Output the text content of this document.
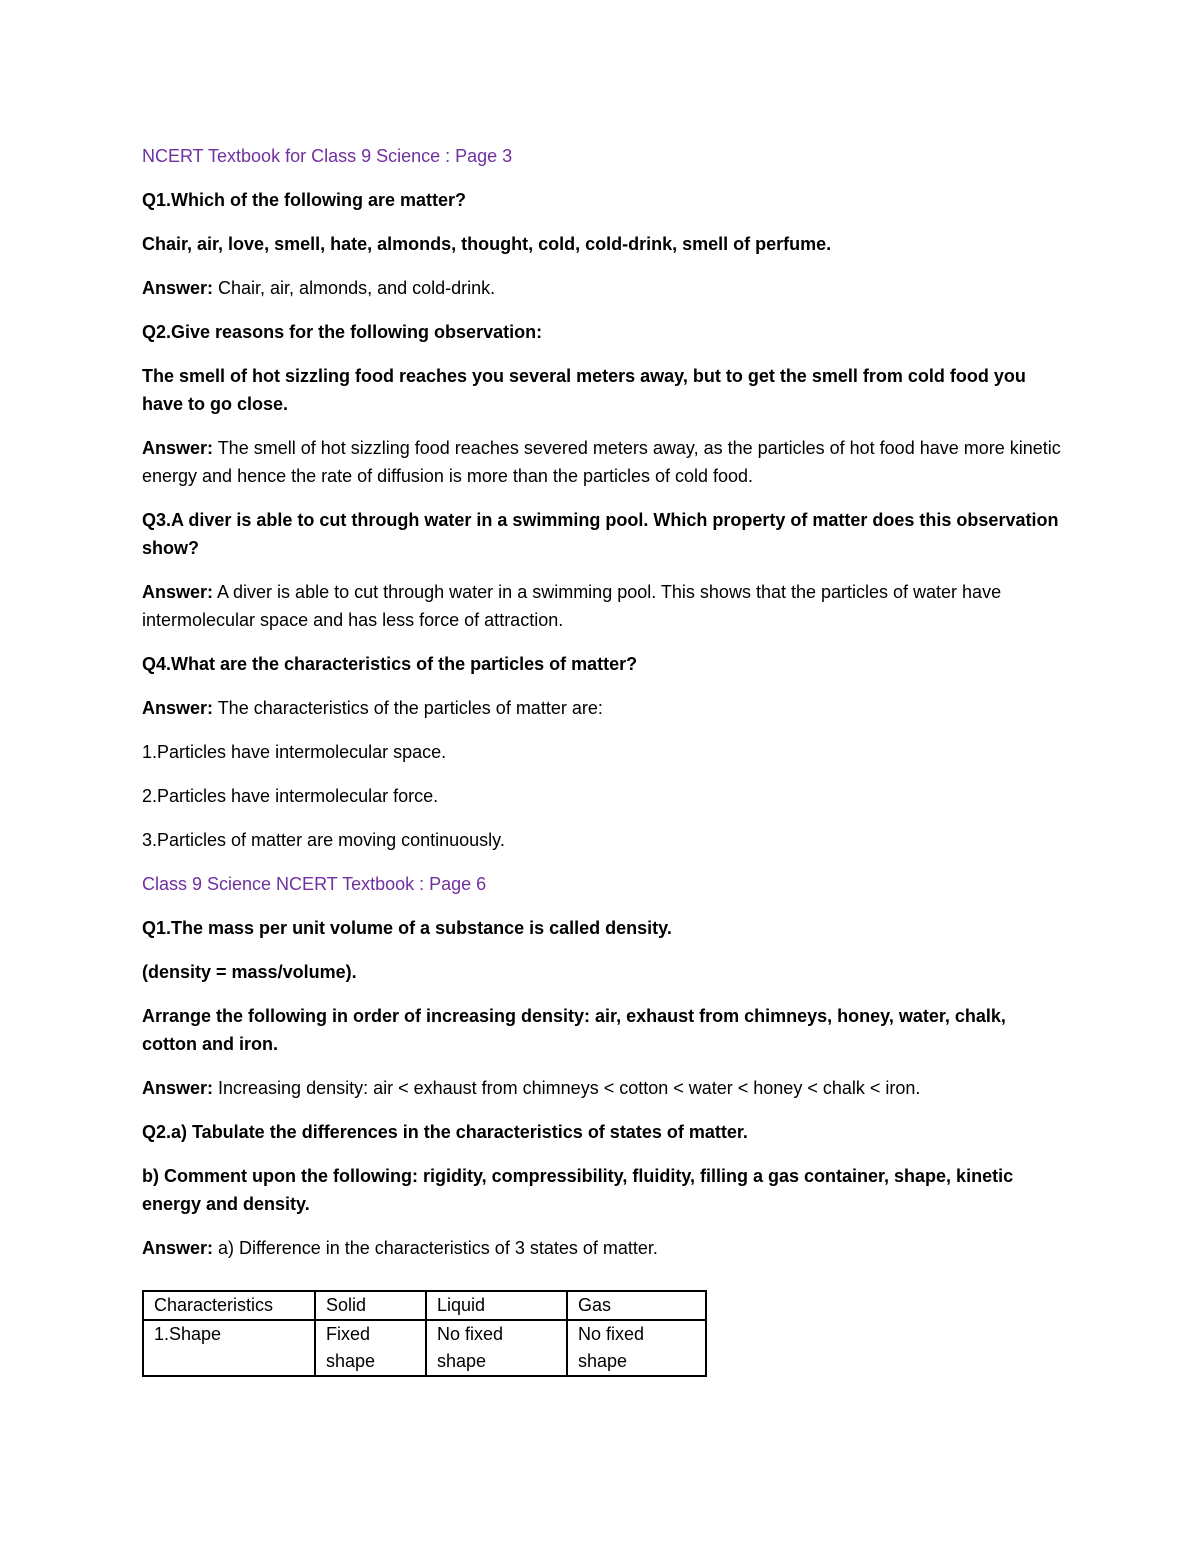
NCERT Textbook for Class 9 Science : Page 3

Q1.Which of the following are matter?

Chair, air, love, smell, hate, almonds, thought, cold, cold-drink, smell of perfume.

Answer: Chair, air, almonds, and cold-drink.

Q2.Give reasons for the following observation:

The smell of hot sizzling food reaches you several meters away, but to get the smell from cold food you have to go close.

Answer: The smell of hot sizzling food reaches severed meters away, as the particles of hot food have more kinetic energy and hence the rate of diffusion is more than the particles of cold food.

Q3.A diver is able to cut through water in a swimming pool. Which property of matter does this observation show?

Answer: A diver is able to cut through water in a swimming pool. This shows that the particles of water have intermolecular space and has less force of attraction.

Q4.What are the characteristics of the particles of matter?

Answer: The characteristics of the particles of matter are:

1.Particles have intermolecular space.

2.Particles have intermolecular force.

3.Particles of matter are moving continuously.

Class 9 Science NCERT Textbook : Page 6

Q1.The mass per unit volume of a substance is called density.

(density = mass/volume).

Arrange the following in order of increasing density: air, exhaust from chimneys, honey, water, chalk, cotton and iron.

Answer: Increasing density: air < exhaust from chimneys < cotton < water < honey < chalk < iron.

Q2.a) Tabulate the differences in the characteristics of states of matter.

b) Comment upon the following: rigidity, compressibility, fluidity, filling a gas container, shape, kinetic energy and density.

Answer: a) Difference in the characteristics of 3 states of matter.

Characteristics	Solid	Liquid	Gas
1.Shape	Fixed shape	No fixed shape	No fixed shape
